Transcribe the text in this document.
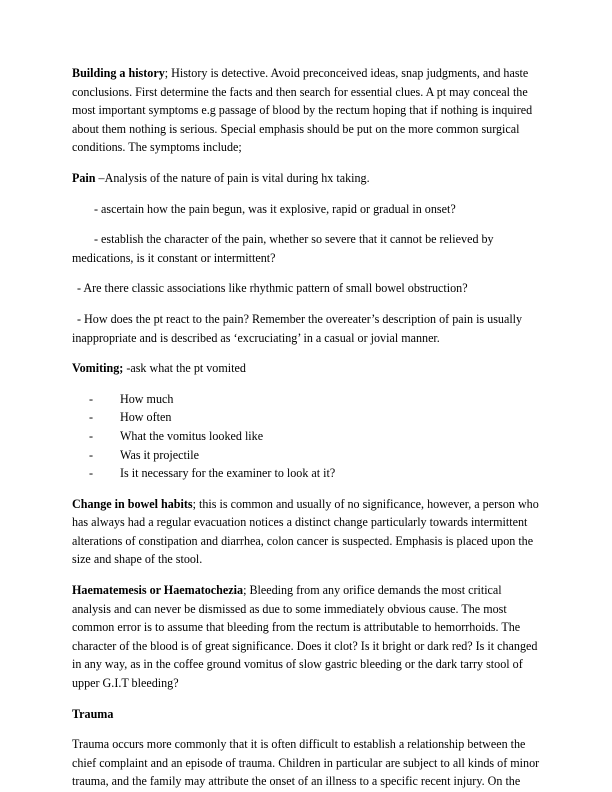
Building a history; History is detective. Avoid preconceived ideas, snap judgments, and haste conclusions. First determine the facts and then search for essential clues. A pt may conceal the most important symptoms e.g passage of blood by the rectum hoping that if nothing is inquired about them nothing is serious. Special emphasis should be put on the more common surgical conditions. The symptoms include;

Pain –Analysis of the nature of pain is vital during hx taking.

- ascertain how the pain begun, was it explosive, rapid or gradual in onset?

- establish the character of the pain, whether so severe that it cannot be relieved by medications, is it constant or intermittent?

- Are there classic associations like rhythmic pattern of small bowel obstruction?

- How does the pt react to the pain? Remember the overeater’s description of pain is usually inappropriate and is described as ‘excruciating’ in a casual or jovial manner.

Vomiting; -ask what the pt vomited

- How much
- How often
- What the vomitus looked like
- Was it projectile
- Is it necessary for the examiner to look at it?

Change in bowel habits; this is common and usually of no significance, however, a person who has always had a regular evacuation notices a distinct change particularly towards intermittent alterations of constipation and diarrhea, colon cancer is suspected. Emphasis is placed upon the size and shape of the stool.

Haematemesis or Haematochezia; Bleeding from any orifice demands the most critical analysis and can never be dismissed as due to some immediately obvious cause. The most common error is to assume that bleeding from the rectum is attributable to hemorrhoids. The character of the blood is of great significance. Does it clot? Is it bright or dark red? Is it changed in any way, as in the coffee ground vomitus of slow gastric bleeding or the dark tarry stool of upper G.I.T bleeding?

Trauma

Trauma occurs more commonly that it is often difficult to establish a relationship between the chief complaint and an episode of trauma. Children in particular are subject to all kinds of minor trauma, and the family may attribute the onset of an illness to a specific recent injury. On the
